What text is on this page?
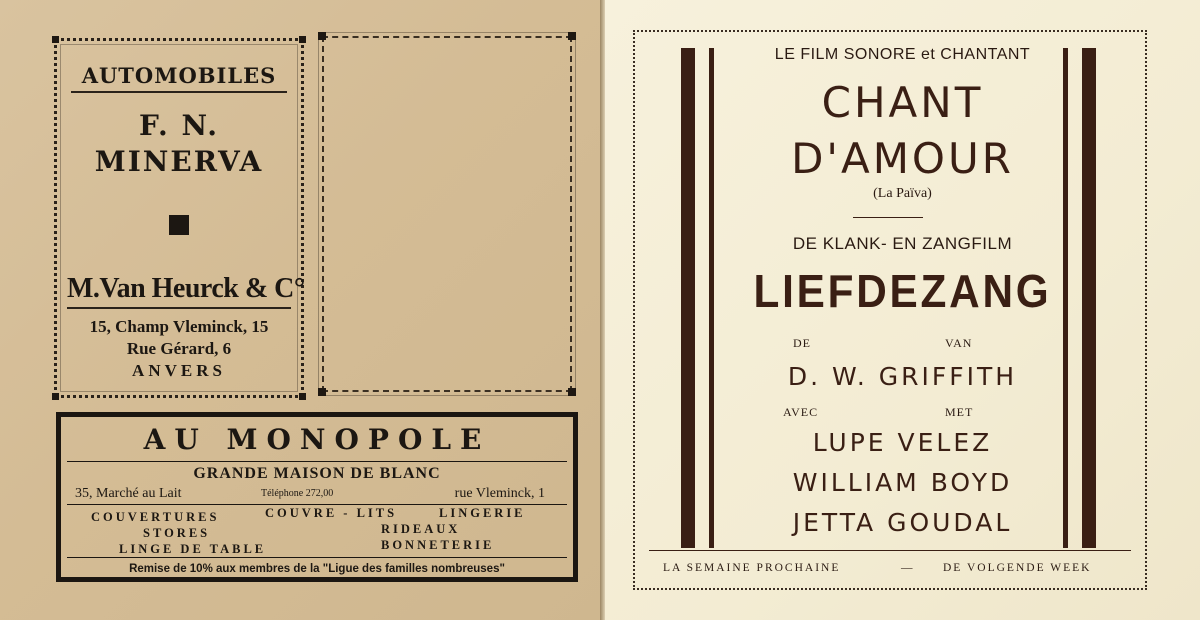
AUTOMOBILES
F. N.
MINERVA
M.Van Heurck & C°
15, Champ Vleminck, 15
Rue Gérard, 6
ANVERS
AU MONOPOLE
GRANDE MAISON DE BLANC
35, Marché au Lait	Téléphone 272,00	rue Vleminck, 1
COUVERTURES	COUVRE - LITS	LINGERIE
STORES	RIDEAUX
LINGE DE TABLE	BONNETERIE
Remise de 10% aux membres de la "Ligue des familles nombreuses"
LE FILM SONORE et CHANTANT
CHANT
D'AMOUR
(La Païva)
DE KLANK- EN ZANGFILM
LIEFDEZANG
DE	VAN
D. W. GRIFFITH
AVEC	MET
LUPE VELEZ
WILLIAM BOYD
JETTA GOUDAL
LA SEMAINE PROCHAINE	— DE VOLGENDE WEEK
